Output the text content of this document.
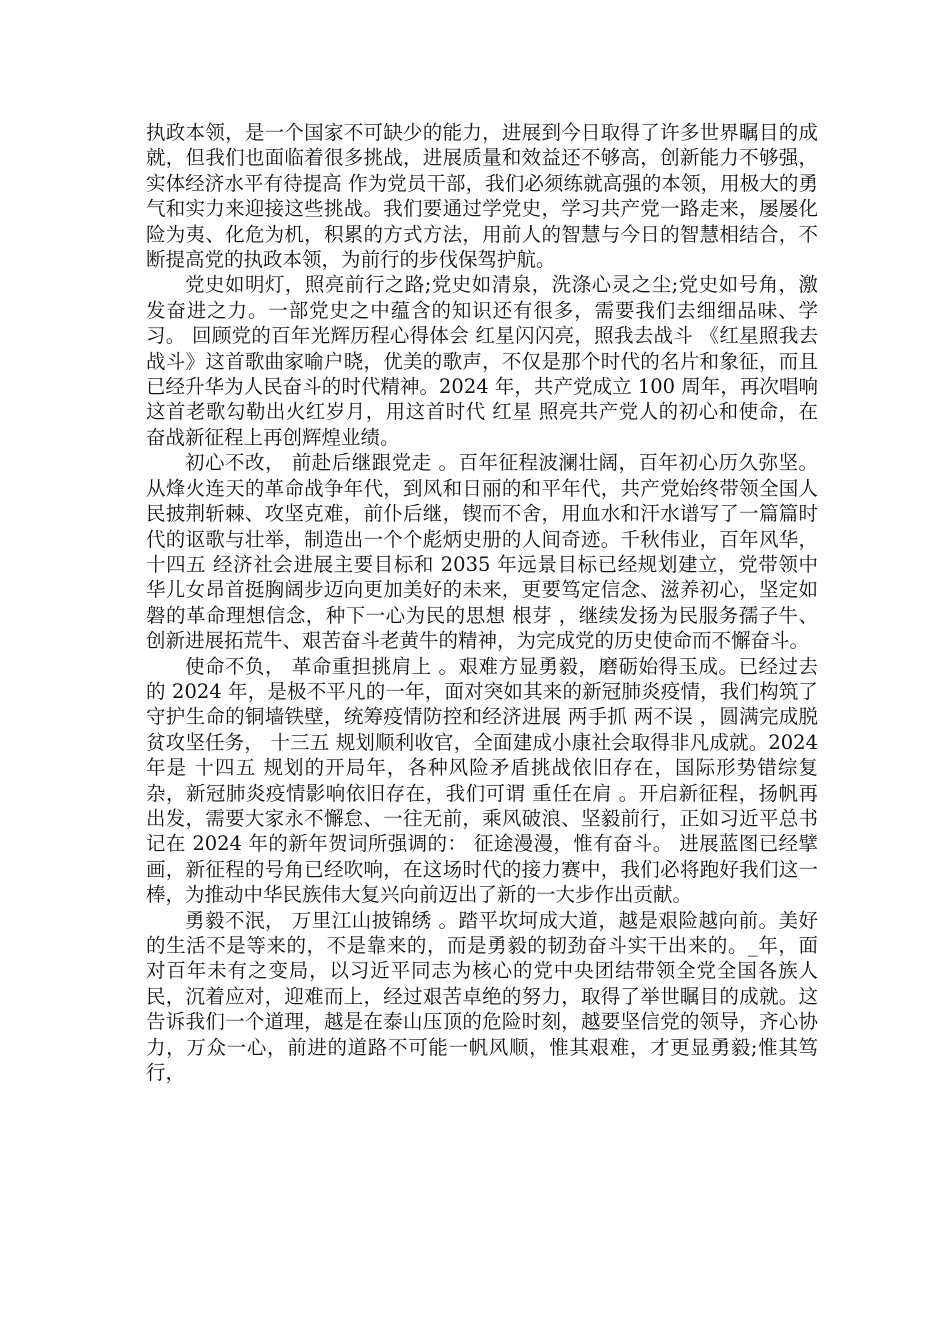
执政本领，是一个国家不可缺少的能力，进展到今日取得了许多世界瞩目的成就，但我们也面临着很多挑战，进展质量和效益还不够高，创新能力不够强，实体经济水平有待提高 作为党员干部，我们必须练就高强的本领，用极大的勇气和实力来迎接这些挑战。我们要通过学党史，学习共产党一路走来，屡屡化险为夷、化危为机，积累的方式方法，用前人的智慧与今日的智慧相结合，不断提高党的执政本领，为前行的步伐保驾护航。

党史如明灯，照亮前行之路;党史如清泉，洗涤心灵之尘;党史如号角，激发奋进之力。一部党史之中蕴含的知识还有很多，需要我们去细细品味、学习。 回顾党的百年光辉历程心得体会 红星闪闪亮，照我去战斗 《红星照我去战斗》这首歌曲家喻户晓，优美的歌声，不仅是那个时代的名片和象征，而且已经升华为人民奋斗的时代精神。2024 年，共产党成立 100 周年，再次唱响这首老歌勾勒出火红岁月，用这首时代 红星 照亮共产党人的初心和使命，在奋战新征程上再创辉煌业绩。

初心不改， 前赴后继跟党走 。百年征程波澜壮阔，百年初心历久弥坚。从烽火连天的革命战争年代，到风和日丽的和平年代，共产党始终带领全国人民披荆斩棘、攻坚克难，前仆后继，锲而不舍，用血水和汗水谱写了一篇篇时代的讴歌与壮举，制造出一个个彪炳史册的人间奇迹。千秋伟业，百年风华， 十四五 经济社会进展主要目标和 2035 年远景目标已经规划建立，党带领中华儿女昂首挺胸阔步迈向更加美好的未来，更要笃定信念、滋养初心，坚定如磐的革命理想信念，种下一心为民的思想 根芽 ，继续发扬为民服务孺子牛、创新进展拓荒牛、艰苦奋斗老黄牛的精神，为完成党的历史使命而不懈奋斗。

使命不负， 革命重担挑肩上 。艰难方显勇毅，磨砺始得玉成。已经过去的 2024 年，是极不平凡的一年，面对突如其来的新冠肺炎疫情，我们构筑了守护生命的铜墙铁壁，统筹疫情防控和经济进展 两手抓 两不误 ，圆满完成脱贫攻坚任务， 十三五 规划顺利收官，全面建成小康社会取得非凡成就。2024 年是 十四五 规划的开局年，各种风险矛盾挑战依旧存在，国际形势错综复杂，新冠肺炎疫情影响依旧存在，我们可谓 重任在肩 。开启新征程，扬帆再出发，需要大家永不懈怠、一往无前，乘风破浪、坚毅前行，正如习近平总书记在 2024 年的新年贺词所强调的： 征途漫漫，惟有奋斗。 进展蓝图已经擘画，新征程的号角已经吹响，在这场时代的接力赛中，我们必将跑好我们这一棒，为推动中华民族伟大复兴向前迈出了新的一大步作出贡献。

勇毅不泯， 万里江山披锦绣 。踏平坎坷成大道，越是艰险越向前。美好的生活不是等来的，不是靠来的，而是勇毅的韧劲奋斗实干出来的。_年，面对百年未有之变局，以习近平同志为核心的党中央团结带领全党全国各族人民，沉着应对，迎难而上，经过艰苦卓绝的努力，取得了举世瞩目的成就。这告诉我们一个道理，越是在泰山压顶的危险时刻，越要坚信党的领导，齐心协力，万众一心，前进的道路不可能一帆风顺，惟其艰难，才更显勇毅;惟其笃行，
